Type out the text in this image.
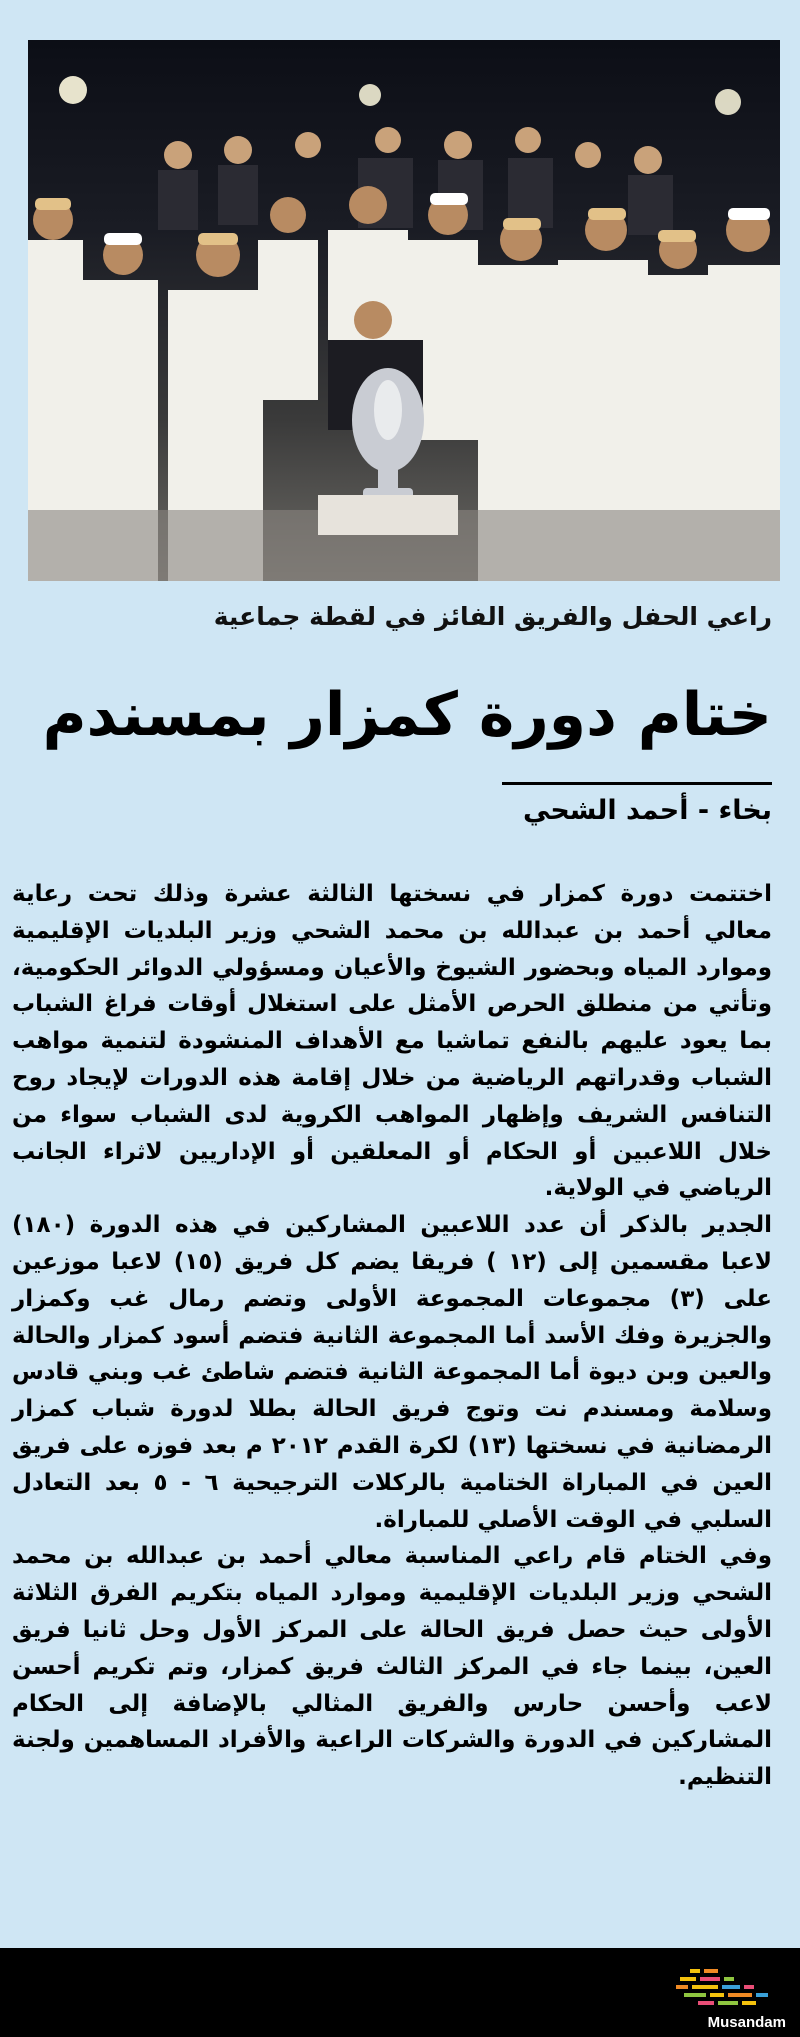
راعي الحفل والفريق الفائز في لقطة جماعية
ختام دورة كمزار بمسندم
بخاء - أحمد الشحي

اختتمت دورة كمزار في نسختها الثالثة عشرة وذلك تحت رعاية معالي أحمد بن عبدالله بن محمد الشحي وزير البلديات الإقليمية وموارد المياه وبحضور الشيوخ والأعيان ومسؤولي الدوائر الحكومية، وتأتي من منطلق الحرص الأمثل على استغلال أوقات فراغ الشباب بما يعود عليهم بالنفع تماشيا مع الأهداف المنشودة لتنمية مواهب الشباب وقدراتهم الرياضية من خلال إقامة هذه الدورات لإيجاد روح التنافس الشريف وإظهار المواهب الكروية لدى الشباب سواء من خلال اللاعبين أو الحكام أو المعلقين أو الإداريين لاثراء الجانب الرياضي في الولاية.

الجدير بالذكر أن عدد اللاعبين المشاركين في هذه الدورة (١٨٠) لاعبا مقسمين إلى (١٢ ) فريقا يضم كل فريق (١٥) لاعبا موزعين على (٣) مجموعات المجموعة الأولى وتضم رمال غب وكمزار والجزيرة وفك الأسد أما المجموعة الثانية فتضم أسود كمزار والحالة والعين وبن ديوة أما المجموعة الثانية فتضم شاطئ غب وبني قادس وسلامة ومسندم نت وتوج فريق الحالة بطلا لدورة شباب كمزار الرمضانية في نسختها (١٣) لكرة القدم ٢٠١٢ م بعد فوزه على فريق العين في المباراة الختامية بالركلات الترجيحية ٦ - ٥ بعد التعادل السلبي في الوقت الأصلي للمباراة.

وفي الختام قام راعي المناسبة معالي أحمد بن عبدالله بن محمد الشحي وزير البلديات الإقليمية وموارد المياه بتكريم الفرق الثلاثة الأولى حيث حصل فريق الحالة على المركز الأول وحل ثانيا فريق العين، بينما جاء في المركز الثالث فريق كمزار، وتم تكريم أحسن لاعب وأحسن حارس والفريق المثالي بالإضافة إلى الحكام المشاركين في الدورة والشركات الراعية والأفراد المساهمين ولجنة التنظيم.

Musandam
